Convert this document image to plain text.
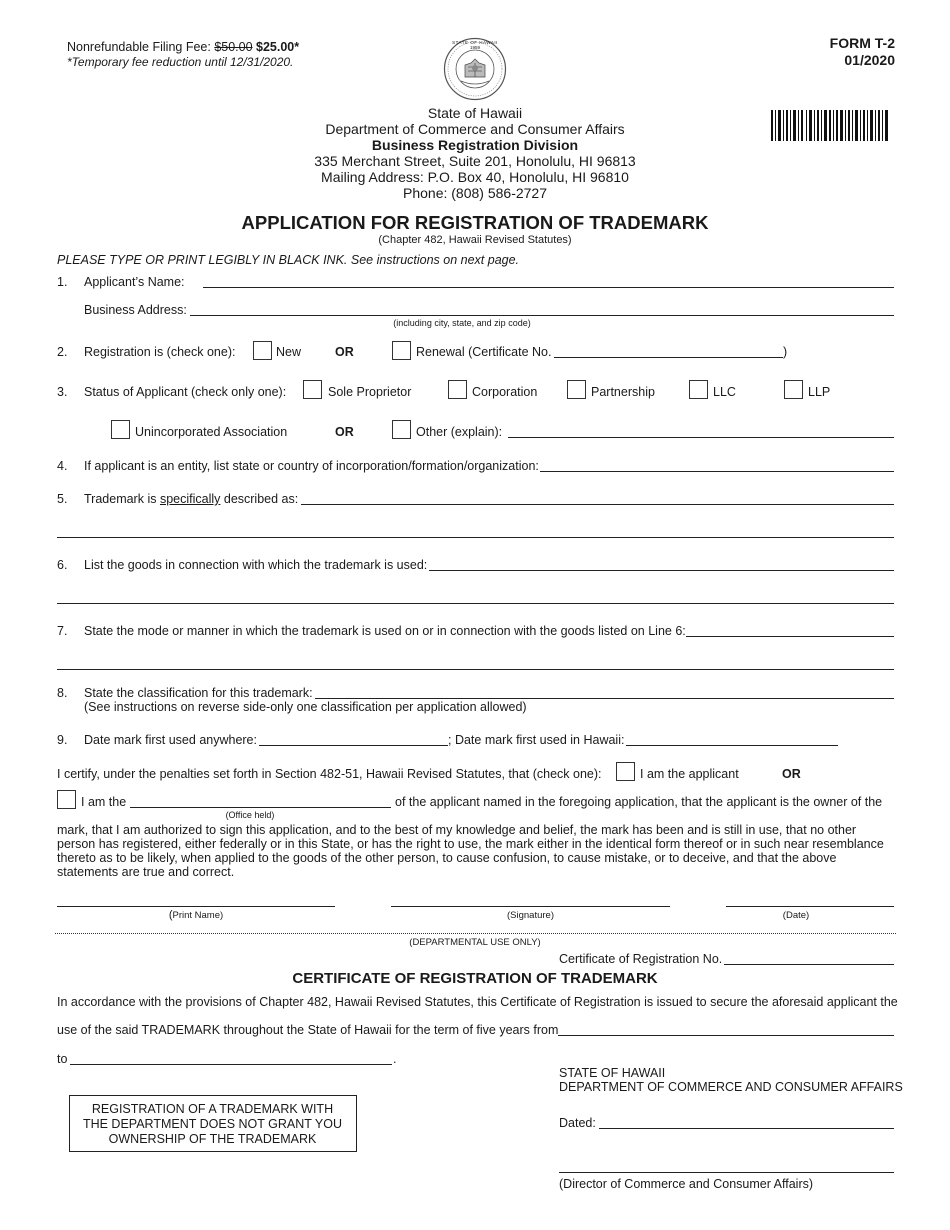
Nonrefundable Filing Fee: $50.00 $25.00*
*Temporary fee reduction until 12/31/2020.
STATE OF HAWAII
1959	FORM T-2
01/2020
State of Hawaii
Department of Commerce and Consumer Affairs
Business Registration Division
335 Merchant Street, Suite 201, Honolulu, HI 96813
Mailing Address: P.O. Box 40, Honolulu, HI 96810
Phone: (808) 586-2727
APPLICATION FOR REGISTRATION OF TRADEMARK
(Chapter 482, Hawaii Revised Statutes)
PLEASE TYPE OR PRINT LEGIBLY IN BLACK INK. See instructions on next page.
1. Applicant’s Name:
Business Address:
(including city, state, and zip code)
2. Registration is (check one):	New	OR	Renewal (Certificate No.	)
3. Status of Applicant (check only one):	Sole Proprietor	Corporation	Partnership	LLC	LLP
Unincorporated Association	OR	Other (explain):
4. If applicant is an entity, list state or country of incorporation/formation/organization:
5. Trademark is specifically described as:
6. List the goods in connection with which the trademark is used:
7. State the mode or manner in which the trademark is used on or in connection with the goods listed on Line 6:
8. State the classification for this trademark:
(See instructions on reverse side-only one classification per application allowed)
9. Date mark first used anywhere:	; Date mark first used in Hawaii:
I certify, under the penalties set forth in Section 482-51, Hawaii Revised Statutes, that (check one):	I am the applicant	OR
I am the
(Office held)
of the applicant named in the foregoing application, that the applicant is the owner of the
mark, that I am authorized to sign this application, and to the best of my knowledge and belief, the mark has been and is still in use, that no other person has registered, either federally or in this State, or has the right to use, the mark either in the identical form thereof or in such near resemblance thereto as to be likely, when applied to the goods of the other person, to cause confusion, to cause mistake, or to deceive, and that the above statements are true and correct.
(Print Name)	(Signature)	(Date)
(DEPARTMENTAL USE ONLY)
Certificate of Registration No.
CERTIFICATE OF REGISTRATION OF TRADEMARK
In accordance with the provisions of Chapter 482, Hawaii Revised Statutes, this Certificate of Registration is issued to secure the aforesaid applicant the
use of the said TRADEMARK throughout the State of Hawaii for the term of five years from
to	.
STATE OF HAWAII
DEPARTMENT OF COMMERCE AND CONSUMER AFFAIRS
Dated:
(Director of Commerce and Consumer Affairs)
REGISTRATION OF A TRADEMARK WITH
THE DEPARTMENT DOES NOT GRANT YOU
OWNERSHIP OF THE TRADEMARK
